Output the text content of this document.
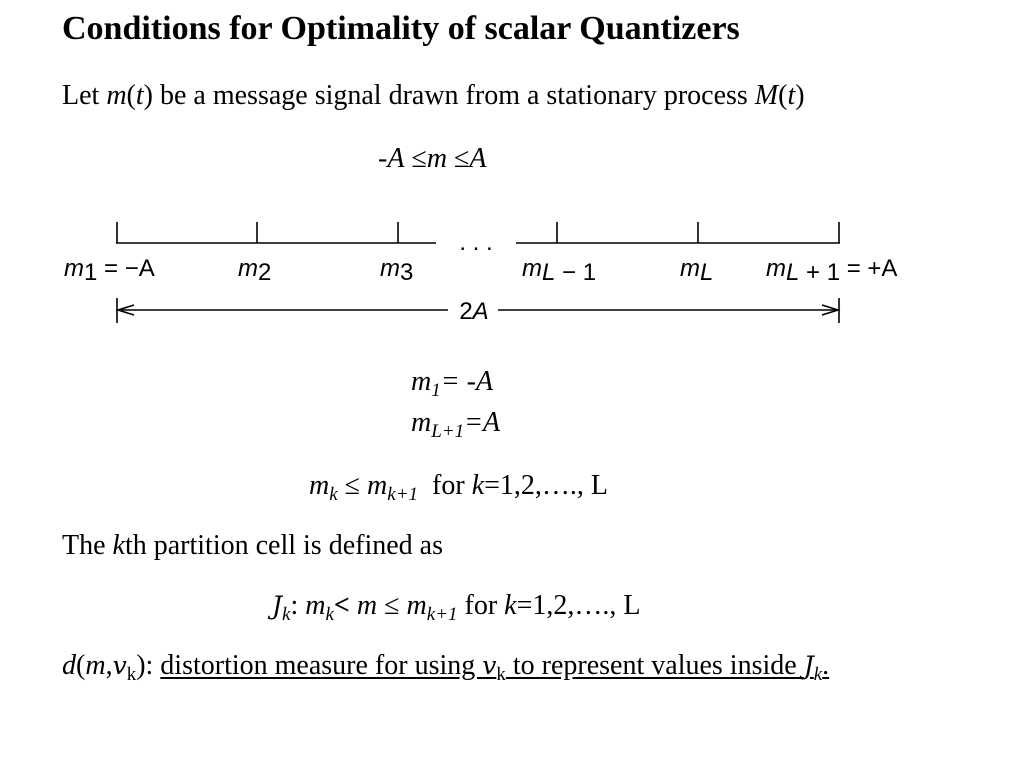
Conditions for Optimality of scalar Quantizers
Let m(t) be a message signal drawn from a stationary process M(t)
-A ≤m ≤A
. . .
m1 = −A	m2	m3	mL − 1	mL mL + 1 = +A
2A
$m_1= -A$
$m_{L+1}=A$
$m_k \le m_{k+1}$ for k=1,2,…., L
The kth partition cell is defined as
$J_k$: $m_k< m \le m_{k+1}$ for k=1,2,…., L
$d(m,v_k)$: distortion measure for using $v_k$ to represent values inside $J_k$.
